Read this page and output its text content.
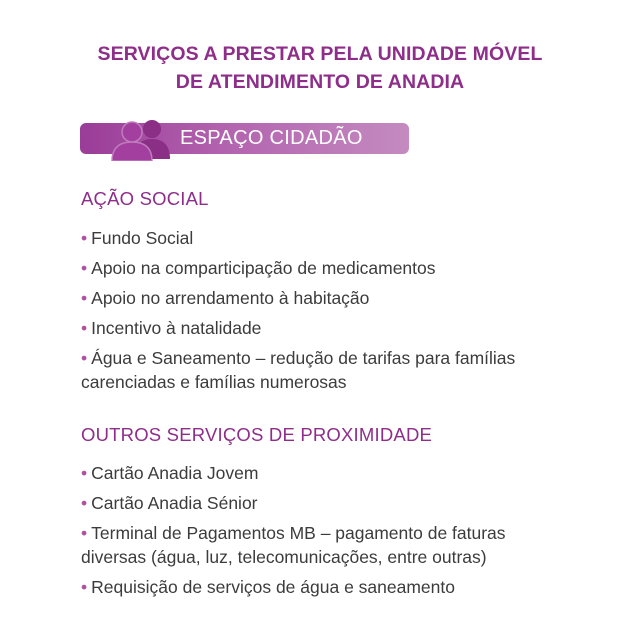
SERVIÇOS A PRESTAR PELA UNIDADE MÓVEL
DE ATENDIMENTO DE ANADIA
ESPAÇO CIDADÃO
AÇÃO SOCIAL
• Fundo Social
• Apoio na comparticipação de medicamentos
• Apoio no arrendamento à habitação
• Incentivo à natalidade
• Água e Saneamento – redução de tarifas para famílias
carenciadas e famílias numerosas
OUTROS SERVIÇOS DE PROXIMIDADE
• Cartão Anadia Jovem
• Cartão Anadia Sénior
• Terminal de Pagamentos MB – pagamento de faturas
diversas (água, luz, telecomunicações, entre outras)
• Requisição de serviços de água e saneamento
